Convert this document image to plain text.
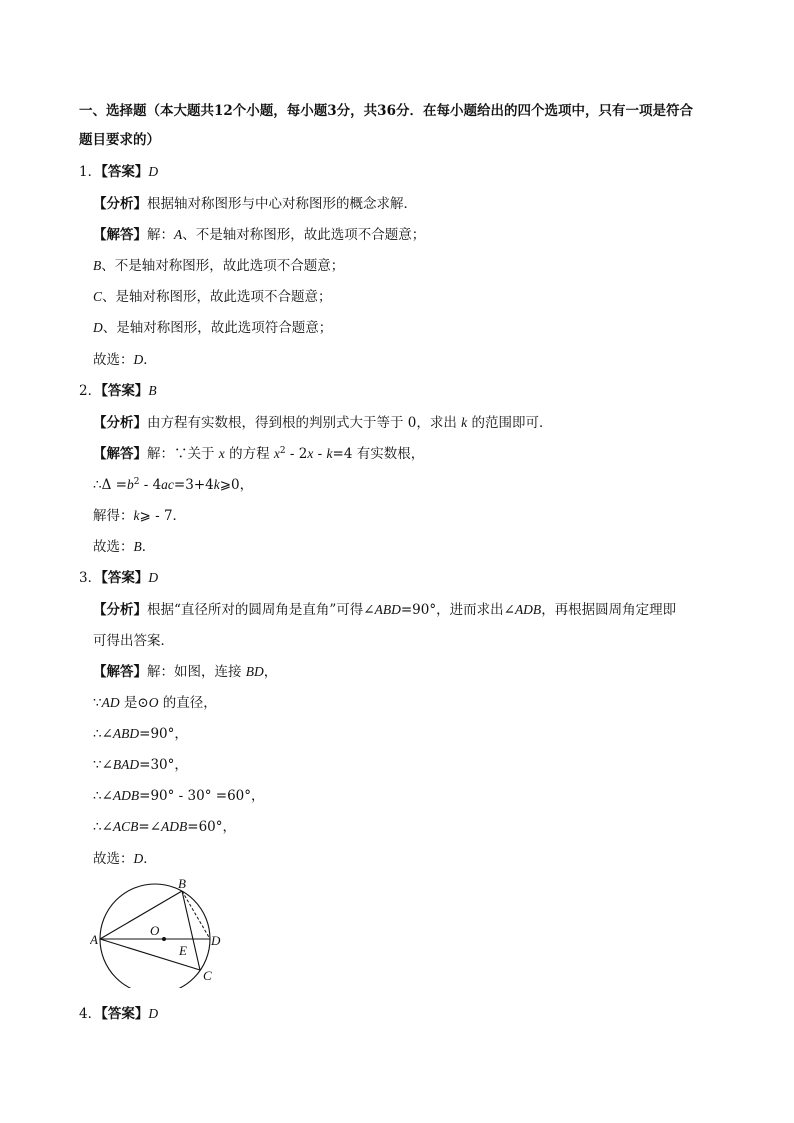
一、选择题（本大题共12个小题，每小题3分，共36分．在每小题给出的四个选项中，只有一项是符合
题目要求的）
1．【答案】D
【分析】根据轴对称图形与中心对称图形的概念求解．
【解答】解：A、不是轴对称图形，故此选项不合题意；
B、不是轴对称图形，故此选项不合题意；
C、是轴对称图形，故此选项不合题意；
D、是轴对称图形，故此选项符合题意；
故选：D．
2．【答案】B
【分析】由方程有实数根，得到根的判别式大于等于 0，求出 k 的范围即可．
【解答】解：∵关于 x 的方程 $x^2 - 2x - k=4$ 有实数根，
∴Δ $=b^2$ - 4ac=3+4k⩾0，
解得：k⩾ - 7．
故选：B．
3．【答案】D
【分析】根据“直径所对的圆周角是直角”可得∠ABD=90°，进而求出∠ADB，再根据圆周角定理即
可得出答案．
【解答】解：如图，连接 BD，
∵AD 是⊙O 的直径，
∴∠ABD=90°，
∵∠BAD=30°，
∴∠ADB=90° - 30° =60°，
∴∠ACB=∠ADB=60°，
故选：D．
A
B
C
D
O
E
4．【答案】D
